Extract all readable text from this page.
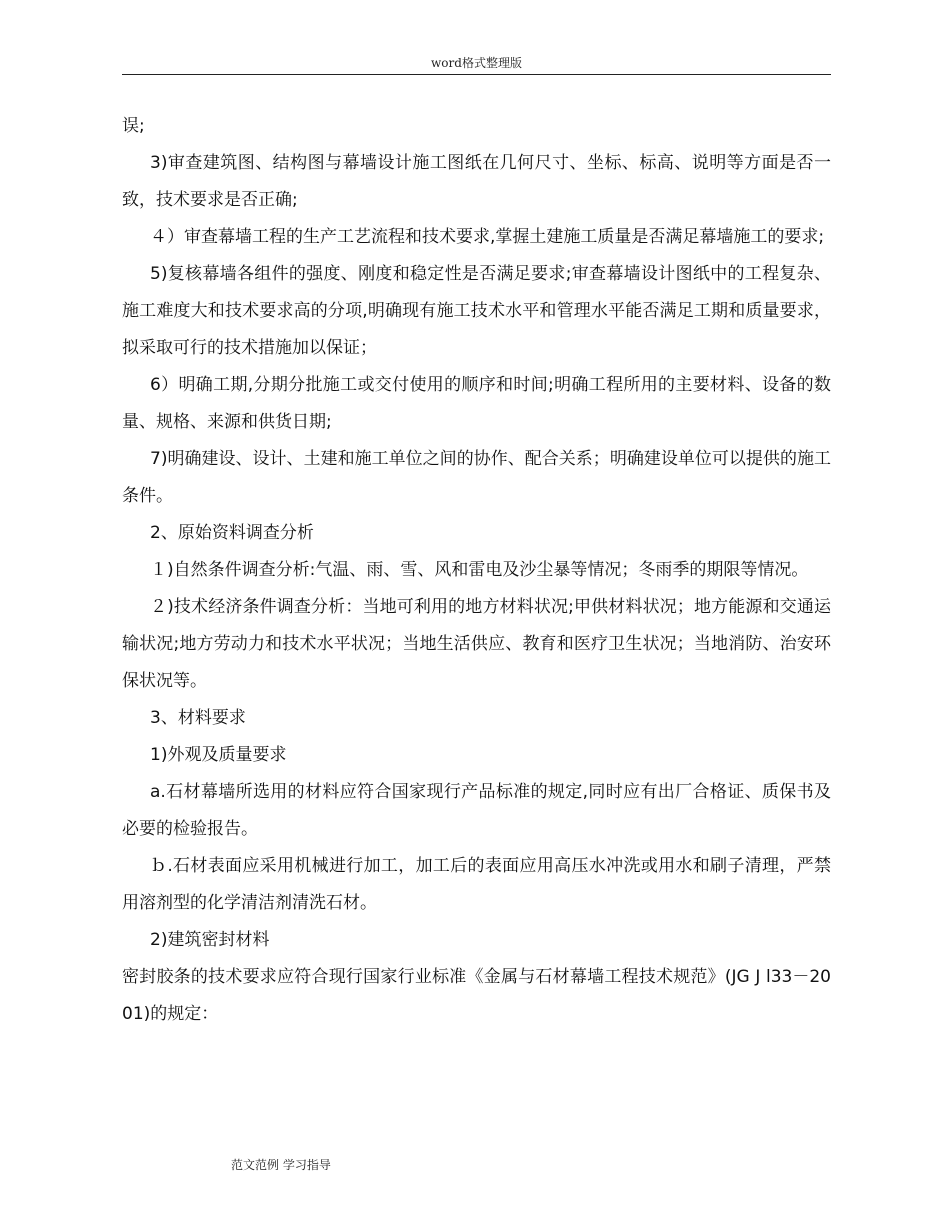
word格式整理版

误;

3)审查建筑图、结构图与幕墙设计施工图纸在几何尺寸、坐标、标高、说明等方面是否一致，技术要求是否正确;

４）审查幕墙工程的生产工艺流程和技术要求,掌握土建施工质量是否满足幕墙施工的要求;

5)复核幕墙各组件的强度、刚度和稳定性是否满足要求;审查幕墙设计图纸中的工程复杂、施工难度大和技术要求高的分项,明确现有施工技术水平和管理水平能否满足工期和质量要求，拟采取可行的技术措施加以保证；

6）明确工期,分期分批施工或交付使用的顺序和时间;明确工程所用的主要材料、设备的数量、规格、来源和供货日期;

7)明确建设、设计、土建和施工单位之间的协作、配合关系；明确建设单位可以提供的施工条件。

2、原始资料调查分析

１)自然条件调查分析:气温、雨、雪、风和雷电及沙尘暴等情况；冬雨季的期限等情况。

２)技术经济条件调查分析：当地可利用的地方材料状况;甲供材料状况；地方能源和交通运输状况;地方劳动力和技术水平状况；当地生活供应、教育和医疗卫生状况；当地消防、治安环保状况等。

3、材料要求

1)外观及质量要求

a.石材幕墙所选用的材料应符合国家现行产品标准的规定,同时应有出厂合格证、质保书及必要的检验报告。

ｂ.石材表面应采用机械进行加工，加工后的表面应用高压水冲洗或用水和刷子清理，严禁用溶剂型的化学清洁剂清洗石材。

2)建筑密封材料

密封胶条的技术要求应符合现行国家行业标准《金属与石材幕墙工程技术规范》(JG J l33－2001)的规定：

范文范例 学习指导
